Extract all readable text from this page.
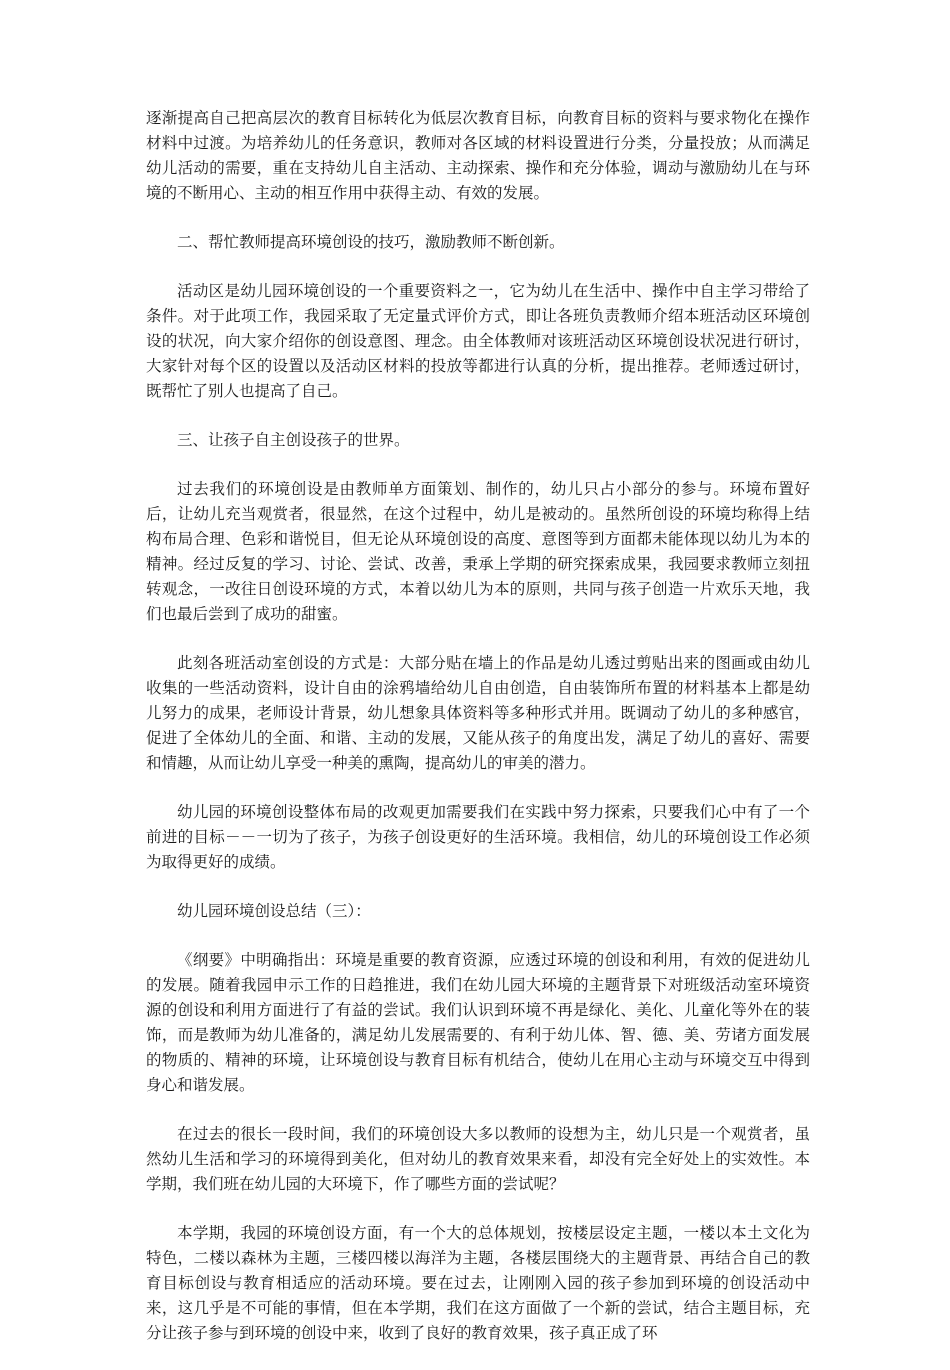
逐渐提高自己把高层次的教育目标转化为低层次教育目标，向教育目标的资料与要求物化在操作材料中过渡。为培养幼儿的任务意识，教师对各区域的材料设置进行分类，分量投放；从而满足幼儿活动的需要，重在支持幼儿自主活动、主动探索、操作和充分体验，调动与激励幼儿在与环境的不断用心、主动的相互作用中获得主动、有效的发展。

二、帮忙教师提高环境创设的技巧，激励教师不断创新。

活动区是幼儿园环境创设的一个重要资料之一，它为幼儿在生活中、操作中自主学习带给了条件。对于此项工作，我园采取了无定量式评价方式，即让各班负责教师介绍本班活动区环境创设的状况，向大家介绍你的创设意图、理念。由全体教师对该班活动区环境创设状况进行研讨，大家针对每个区的设置以及活动区材料的投放等都进行认真的分析，提出推荐。老师透过研讨，既帮忙了别人也提高了自己。

三、让孩子自主创设孩子的世界。

过去我们的环境创设是由教师单方面策划、制作的，幼儿只占小部分的参与。环境布置好后，让幼儿充当观赏者，很显然，在这个过程中，幼儿是被动的。虽然所创设的环境均称得上结构布局合理、色彩和谐悦目，但无论从环境创设的高度、意图等到方面都未能体现以幼儿为本的精神。经过反复的学习、讨论、尝试、改善，秉承上学期的研究探索成果，我园要求教师立刻扭转观念，一改往日创设环境的方式，本着以幼儿为本的原则，共同与孩子创造一片欢乐天地，我们也最后尝到了成功的甜蜜。

此刻各班活动室创设的方式是：大部分贴在墙上的作品是幼儿透过剪贴出来的图画或由幼儿收集的一些活动资料，设计自由的涂鸦墙给幼儿自由创造，自由装饰所布置的材料基本上都是幼儿努力的成果，老师设计背景，幼儿想象具体资料等多种形式并用。既调动了幼儿的多种感官，促进了全体幼儿的全面、和谐、主动的发展，又能从孩子的角度出发，满足了幼儿的喜好、需要和情趣，从而让幼儿享受一种美的熏陶，提高幼儿的审美的潜力。

幼儿园的环境创设整体布局的改观更加需要我们在实践中努力探索，只要我们心中有了一个前进的目标－－一切为了孩子，为孩子创设更好的生活环境。我相信，幼儿的环境创设工作必须为取得更好的成绩。

幼儿园环境创设总结（三）：

《纲要》中明确指出：环境是重要的教育资源，应透过环境的创设和利用，有效的促进幼儿的发展。随着我园申示工作的日趋推进，我们在幼儿园大环境的主题背景下对班级活动室环境资源的创设和利用方面进行了有益的尝试。我们认识到环境不再是绿化、美化、儿童化等外在的装饰，而是教师为幼儿准备的，满足幼儿发展需要的、有利于幼儿体、智、德、美、劳诸方面发展的物质的、精神的环境，让环境创设与教育目标有机结合，使幼儿在用心主动与环境交互中得到身心和谐发展。

在过去的很长一段时间，我们的环境创设大多以教师的设想为主，幼儿只是一个观赏者，虽然幼儿生活和学习的环境得到美化，但对幼儿的教育效果来看，却没有完全好处上的实效性。本学期，我们班在幼儿园的大环境下，作了哪些方面的尝试呢？

本学期，我园的环境创设方面，有一个大的总体规划，按楼层设定主题，一楼以本土文化为特色，二楼以森林为主题，三楼四楼以海洋为主题，各楼层围绕大的主题背景、再结合自己的教育目标创设与教育相适应的活动环境。要在过去，让刚刚入园的孩子参加到环境的创设活动中来，这几乎是不可能的事情，但在本学期，我们在这方面做了一个新的尝试，结合主题目标，充分让孩子参与到环境的创设中来，收到了良好的教育效果，孩子真正成了环
